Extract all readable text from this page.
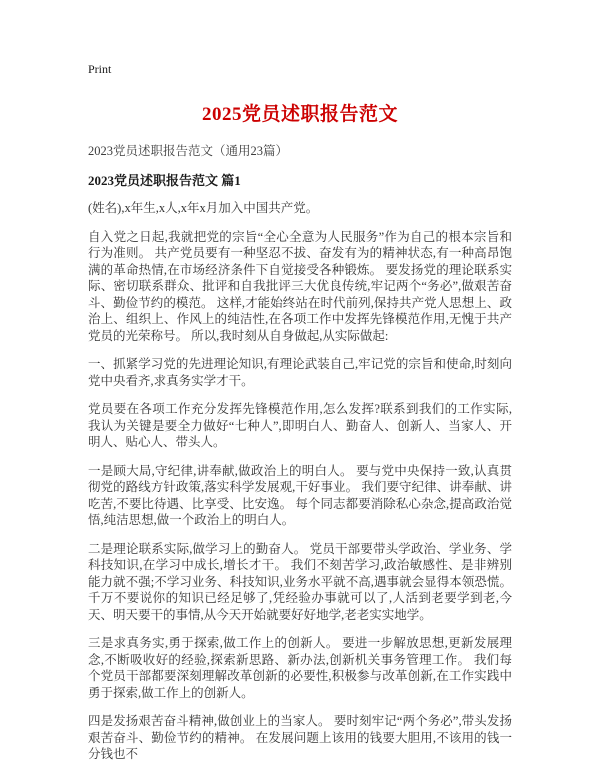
Print
2025党员述职报告范文
2023党员述职报告范文（通用23篇）
2023党员述职报告范文 篇1

(姓名),x年生,x人,x年x月加入中国共产党。

自入党之日起,我就把党的宗旨“全心全意为人民服务”作为自己的根本宗旨和行为准则。 共产党员要有一种坚忍不拔、奋发有为的精神状态,有一种高昂饱满的革命热情,在市场经济条件下自觉接受各种锻炼。 要发扬党的理论联系实际、密切联系群众、批评和自我批评三大优良传统,牢记两个“务必”,做艰苦奋斗、勤俭节约的模范。 这样,才能始终站在时代前列,保持共产党人思想上、政治上、组织上、作风上的纯洁性,在各项工作中发挥先锋模范作用,无愧于共产党员的光荣称号。 所以,我时刻从自身做起,从实际做起:

一、抓紧学习党的先进理论知识,有理论武装自己,牢记党的宗旨和使命,时刻向党中央看齐,求真务实学才干。

党员要在各项工作充分发挥先锋模范作用,怎么发挥?联系到我们的工作实际,我认为关键是要全力做好“七种人”,即明白人、勤奋人、创新人、当家人、开明人、贴心人、带头人。

一是顾大局,守纪律,讲奉献,做政治上的明白人。 要与党中央保持一致,认真贯彻党的路线方针政策,落实科学发展观,干好事业。 我们要守纪律、讲奉献、讲吃苦,不要比待遇、比享受、比安逸。 每个同志都要消除私心杂念,提高政治觉悟,纯洁思想,做一个政治上的明白人。

二是理论联系实际,做学习上的勤奋人。 党员干部要带头学政治、学业务、学科技知识,在学习中成长,增长才干。 我们不刻苦学习,政治敏感性、是非辨别能力就不强;不学习业务、科技知识,业务水平就不高,遇事就会显得本领恐慌。 千万不要说你的知识已经足够了,凭经验办事就可以了,人活到老要学到老,今天、明天要干的事情,从今天开始就要好好地学,老老实实地学。

三是求真务实,勇于探索,做工作上的创新人。 要进一步解放思想,更新发展理念,不断吸收好的经验,探索新思路、新办法,创新机关事务管理工作。 我们每个党员干部都要深刻理解改革创新的必要性,积极参与改革创新,在工作实践中勇于探索,做工作上的创新人。

四是发扬艰苦奋斗精神,做创业上的当家人。 要时刻牢记“两个务必”,带头发扬艰苦奋斗、勤俭节约的精神。 在发展问题上该用的钱要大胆用,不该用的钱一分钱也不
